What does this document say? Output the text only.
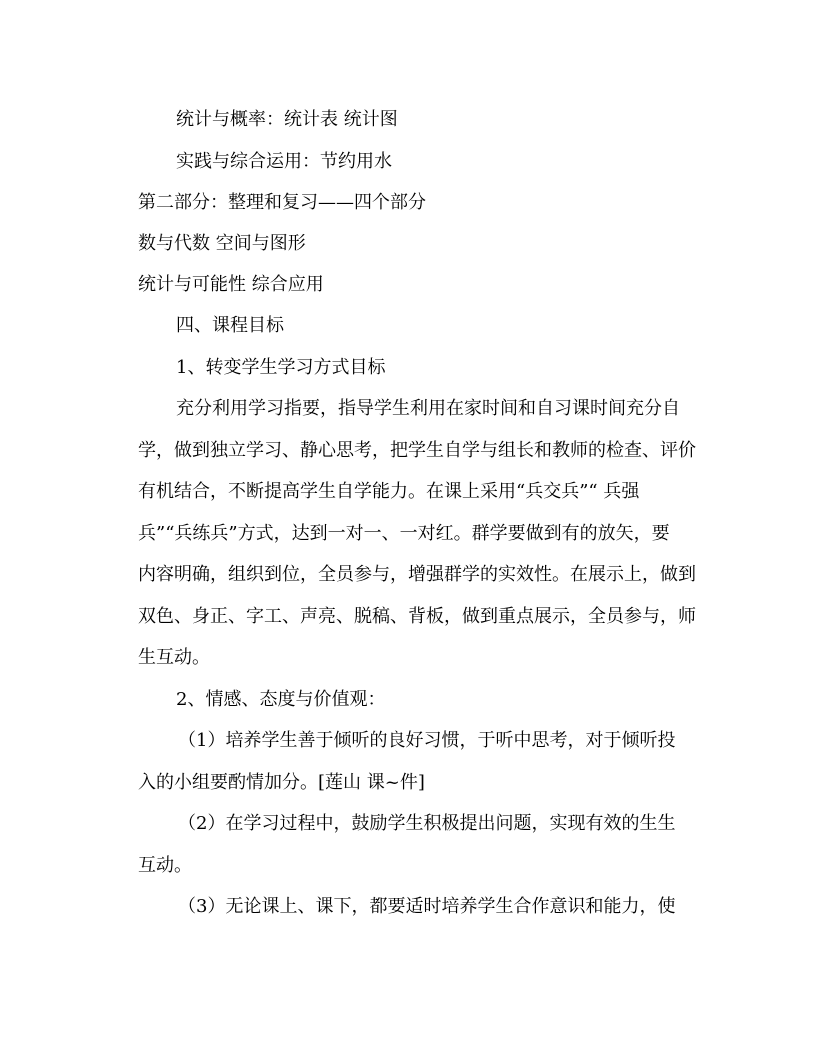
统计与概率：统计表 统计图

实践与综合运用：节约用水

第二部分：整理和复习——四个部分

数与代数 空间与图形

统计与可能性 综合应用

四、课程目标

1、转变学生学习方式目标

充分利用学习指要，指导学生利用在家时间和自习课时间充分自

学，做到独立学习、静心思考，把学生自学与组长和教师的检查、评价

有机结合，不断提高学生自学能力。在课上采用“兵交兵”“ 兵强

兵”“兵练兵”方式，达到一对一、一对红。群学要做到有的放矢，要

内容明确，组织到位，全员参与，增强群学的实效性。在展示上，做到

双色、身正、字工、声亮、脱稿、背板，做到重点展示，全员参与，师

生互动。

2、情感、态度与价值观：

（1）培养学生善于倾听的良好习惯，于听中思考，对于倾听投

入的小组要酌情加分。[莲山 课~件]

（2）在学习过程中，鼓励学生积极提出问题，实现有效的生生

互动。

（3）无论课上、课下，都要适时培养学生合作意识和能力，使
